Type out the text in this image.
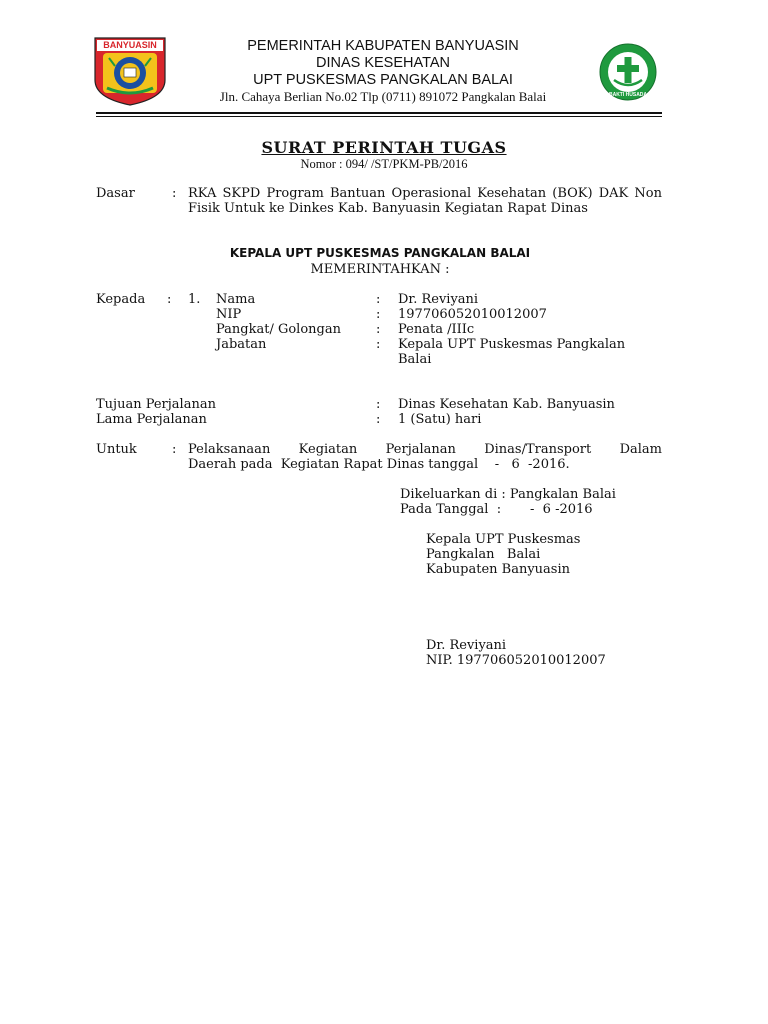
BANYUASIN
BAKTI HUSADA
PEMERINTAH KABUPATEN BANYUASIN
DINAS KESEHATAN
UPT PUSKESMAS PANGKALAN BALAI
Jln. Cahaya Berlian No.02 Tlp (0711) 891072 Pangkalan Balai
SURAT PERINTAH TUGAS
Nomor : 094/ /ST/PKM-PB/2016
Dasar	: RKA SKPD Program Bantuan Operasional Kesehatan (BOK) DAK Non Fisik Untuk ke Dinkes Kab. Banyuasin Kegiatan Rapat Dinas
KEPALA UPT PUSKESMAS PANGKALAN BALAI
MEMERINTAHKAN :
Kepada : 1. Nama	: Dr. Reviyani
NIP	: 197706052010012007
Pangkat/ Golongan	: Penata /IIIc
Jabatan	: Kepala UPT Puskesmas Pangkalan
Balai
Tujuan Perjalanan	: Dinas Kesehatan Kab. Banyuasin
Lama Perjalanan	: 1 (Satu) hari
Untuk	: Pelaksanaan Kegiatan Perjalanan Dinas/Transport Dalam
Daerah pada  Kegiatan Rapat Dinas tanggal    -   6  -2016.
Dikeluarkan di : Pangkalan Balai
Pada Tanggal  :       -  6 -2016
Kepala UPT Puskesmas
Pangkalan   Balai
Kabupaten Banyuasin
Dr. Reviyani
NIP. 197706052010012007
